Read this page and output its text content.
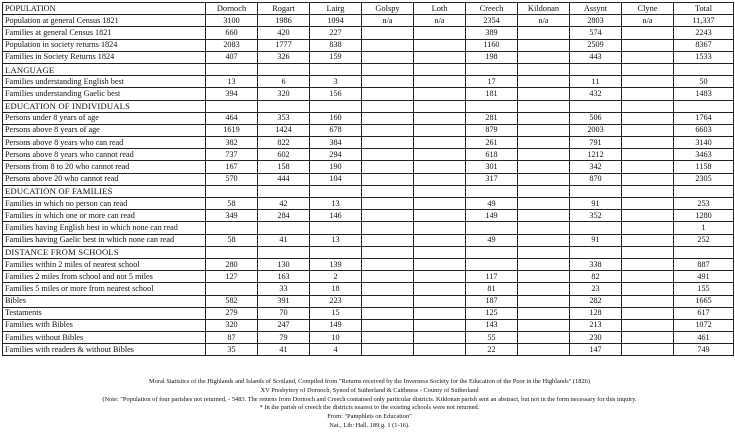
POPULATION	Dornoch	Rogart	Lairg	Golspy	Loth	Creech	Kildonan	Assynt	Clyne	Total
Population at general Census 1821	3100	1986	1094	n/a	n/a	2354	n/a	2803	n/a	11,337
Families at general Census 1821	660	420	227			389		574		2243
Population in society returns 1824	2083	1777	838			1160		2509		8367
Families in Society Returns 1824	407	326	159			198		443		1533
LANGUAGE										
Families understanding English best	13	6	3			17		11		50
Families understanding Gaelic best	394	320	156			181		432		1483
EDUCATION OF INDIVIDUALS										
Persons under 8 years of age	464	353	160			281		506		1764
Persons above 8 years of age	1619	1424	678			879		2003		6603
Persons above 8 years who can read	382	822	384			261		791		3140
Persons above 8 years who cannot read	737	602	294			618		1212		3463
Persons from 8 to 20 who cannot read	167	158	190			301		342		1158
Persons above 20 who cannot read	570	444	104			317		870		2305
EDUCATION OF FAMILIES										
Families in which no person can read	58	42	13			49		91		253
Families in which one or more can read	349	284	146			149		352		1280
Families having English best in which none can read										1
Families having Gaelic best in which none can read	58	41	13			49		91		252
DISTANCE FROM SCHOOLS										
Families within 2 miles of nearest school	280	130	139					338		887
Families 2 miles from school and not 5 miles	127	163	2			117		82		491
Families 5 miles or more from nearest school		33	18			81		23		155
Bibles	582	391	223			187		282		1665
Testaments	279	70	15			125		128		617
Families with Bibles	320	247	149			143		213		1072
Families without Bibles	87	79	10			55		230		461
Families with readers & without Bibles	35	41	4			22		147		749
Moral Statistics of the Highlands and Islands of Scotland, Compiled from "Returns received by the Inverness Society for the Education of the Poor in the Highlands" (1826)
XV Presbytery of Dornoch, Synod of Sutherland & Caithness - County of Sutherland
(Note: "Population of four parishes not returned, - 5483. The returns from Dornoch and Creech contained only particular districts. Kildonan parish sent an abstract, but not in the form necessary for this inquiry.
* In the parish of creech the districts nearest to the existing schools were not returned.
From: "Pamphlets on Education"
Nat., Lib: Hall. 189 g. 1 (1-16).
